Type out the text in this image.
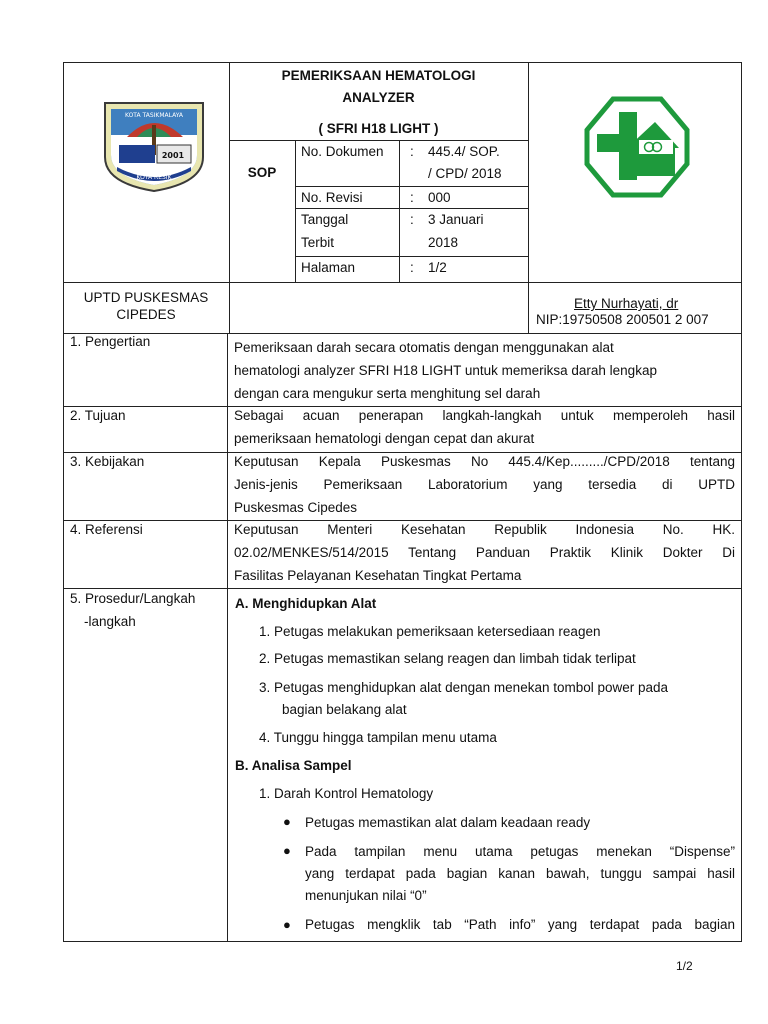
KOTA TASIKMALAYA
2001
KOTA RESIK
PEMERIKSAAN HEMATOLOGI
ANALYZER
( SFRI H18 LIGHT )
SOP
No. Dokumen : 445.4/ SOP.
/ CPD/ 2018
No. Revisi	: 000
Tanggal
Terbit
: 3 Januari
2018
Halaman	: 1/2
UPTD PUSKESMAS
CIPEDES
Etty Nurhayati, dr
NIP:19750508 200501 2 007
1. Pengertian	Pemeriksaan darah secara otomatis dengan menggunakan alat
hematologi analyzer SFRI H18 LIGHT untuk memeriksa darah lengkap
dengan cara mengukur serta menghitung sel darah
2. Tujuan	Sebagai acuan penerapan langkah-langkah untuk memperoleh hasil
pemeriksaan hematologi dengan cepat dan akurat
3. Kebijakan	Keputusan Kepala Puskesmas No 445.4/Kep........./CPD/2018 tentang
Jenis-jenis Pemeriksaan Laboratorium yang tersedia di UPTD
Puskesmas Cipedes
4. Referensi	Keputusan Menteri Kesehatan Republik Indonesia No. HK.
02.02/MENKES/514/2015 Tentang Panduan Praktik Klinik Dokter Di
Fasilitas Pelayanan Kesehatan Tingkat Pertama
5. Prosedur/Langkah
-langkah
A. Menghidupkan Alat
1. Petugas melakukan pemeriksaan ketersediaan reagen
2. Petugas memastikan selang reagen dan limbah tidak terlipat
3. Petugas menghidupkan alat dengan menekan tombol power pada
bagian belakang alat
4. Tunggu hingga tampilan menu utama
B. Analisa Sampel
1. Darah Kontrol Hematology
● Petugas memastikan alat dalam keadaan ready
● Pada tampilan menu utama petugas menekan “Dispense”
yang terdapat pada bagian kanan bawah, tunggu sampai hasil
menunjukan nilai “0”
● Petugas mengklik tab “Path info” yang terdapat pada bagian
1/2
